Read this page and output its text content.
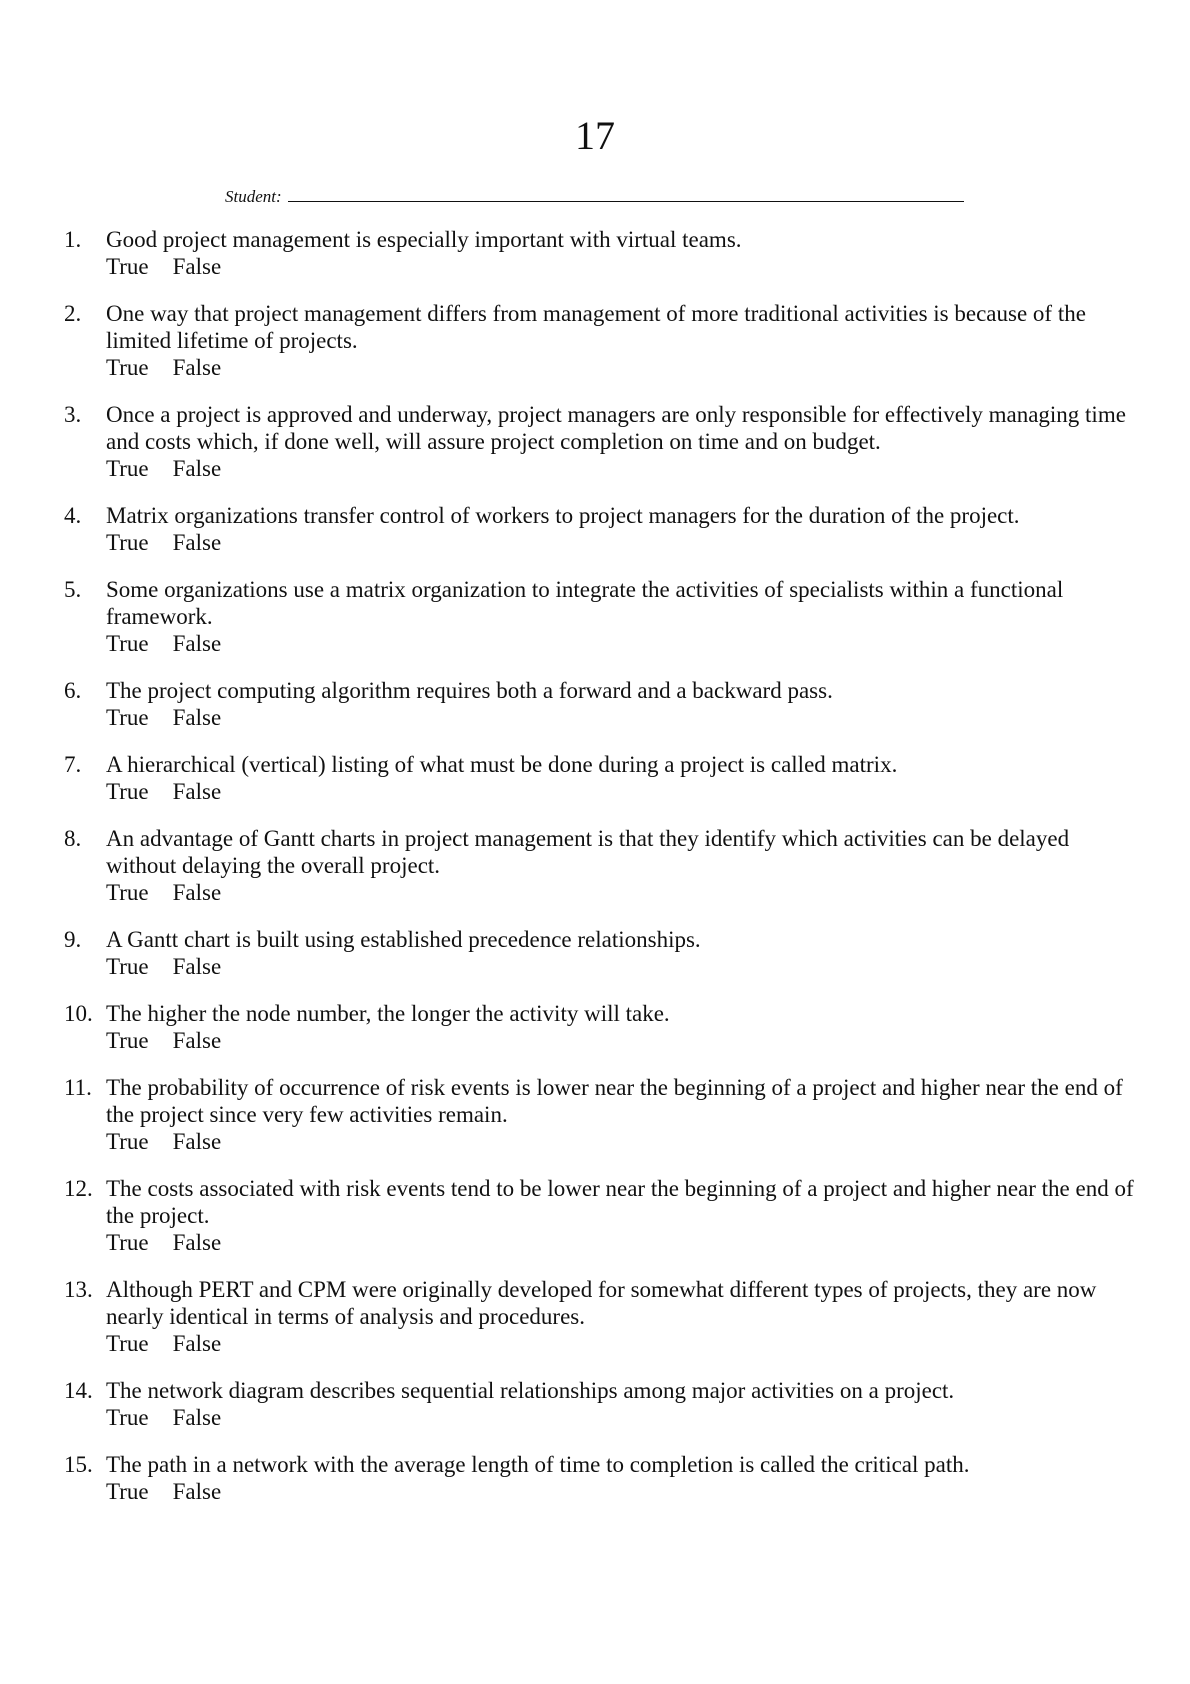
17
Student:
1.	Good project management is especially important with virtual teams.
True False
2.	One way that project management differs from management of more traditional activities is because of the limited lifetime of projects.
True False
3.	Once a project is approved and underway, project managers are only responsible for effectively managing time and costs which, if done well, will assure project completion on time and on budget.
True False
4.	Matrix organizations transfer control of workers to project managers for the duration of the project.
True False
5.	Some organizations use a matrix organization to integrate the activities of specialists within a functional framework.
True False
6.	The project computing algorithm requires both a forward and a backward pass.
True False
7.	A hierarchical (vertical) listing of what must be done during a project is called matrix.
True False
8.	An advantage of Gantt charts in project management is that they identify which activities can be delayed without delaying the overall project.
True False
9.	A Gantt chart is built using established precedence relationships.
True False
10. The higher the node number, the longer the activity will take.
True False
11. The probability of occurrence of risk events is lower near the beginning of a project and higher near the end of the project since very few activities remain.
True False
12. The costs associated with risk events tend to be lower near the beginning of a project and higher near the end of the project.
True False
13. Although PERT and CPM were originally developed for somewhat different types of projects, they are now nearly identical in terms of analysis and procedures.
True False
14. The network diagram describes sequential relationships among major activities on a project.
True False
15. The path in a network with the average length of time to completion is called the critical path.
True False
